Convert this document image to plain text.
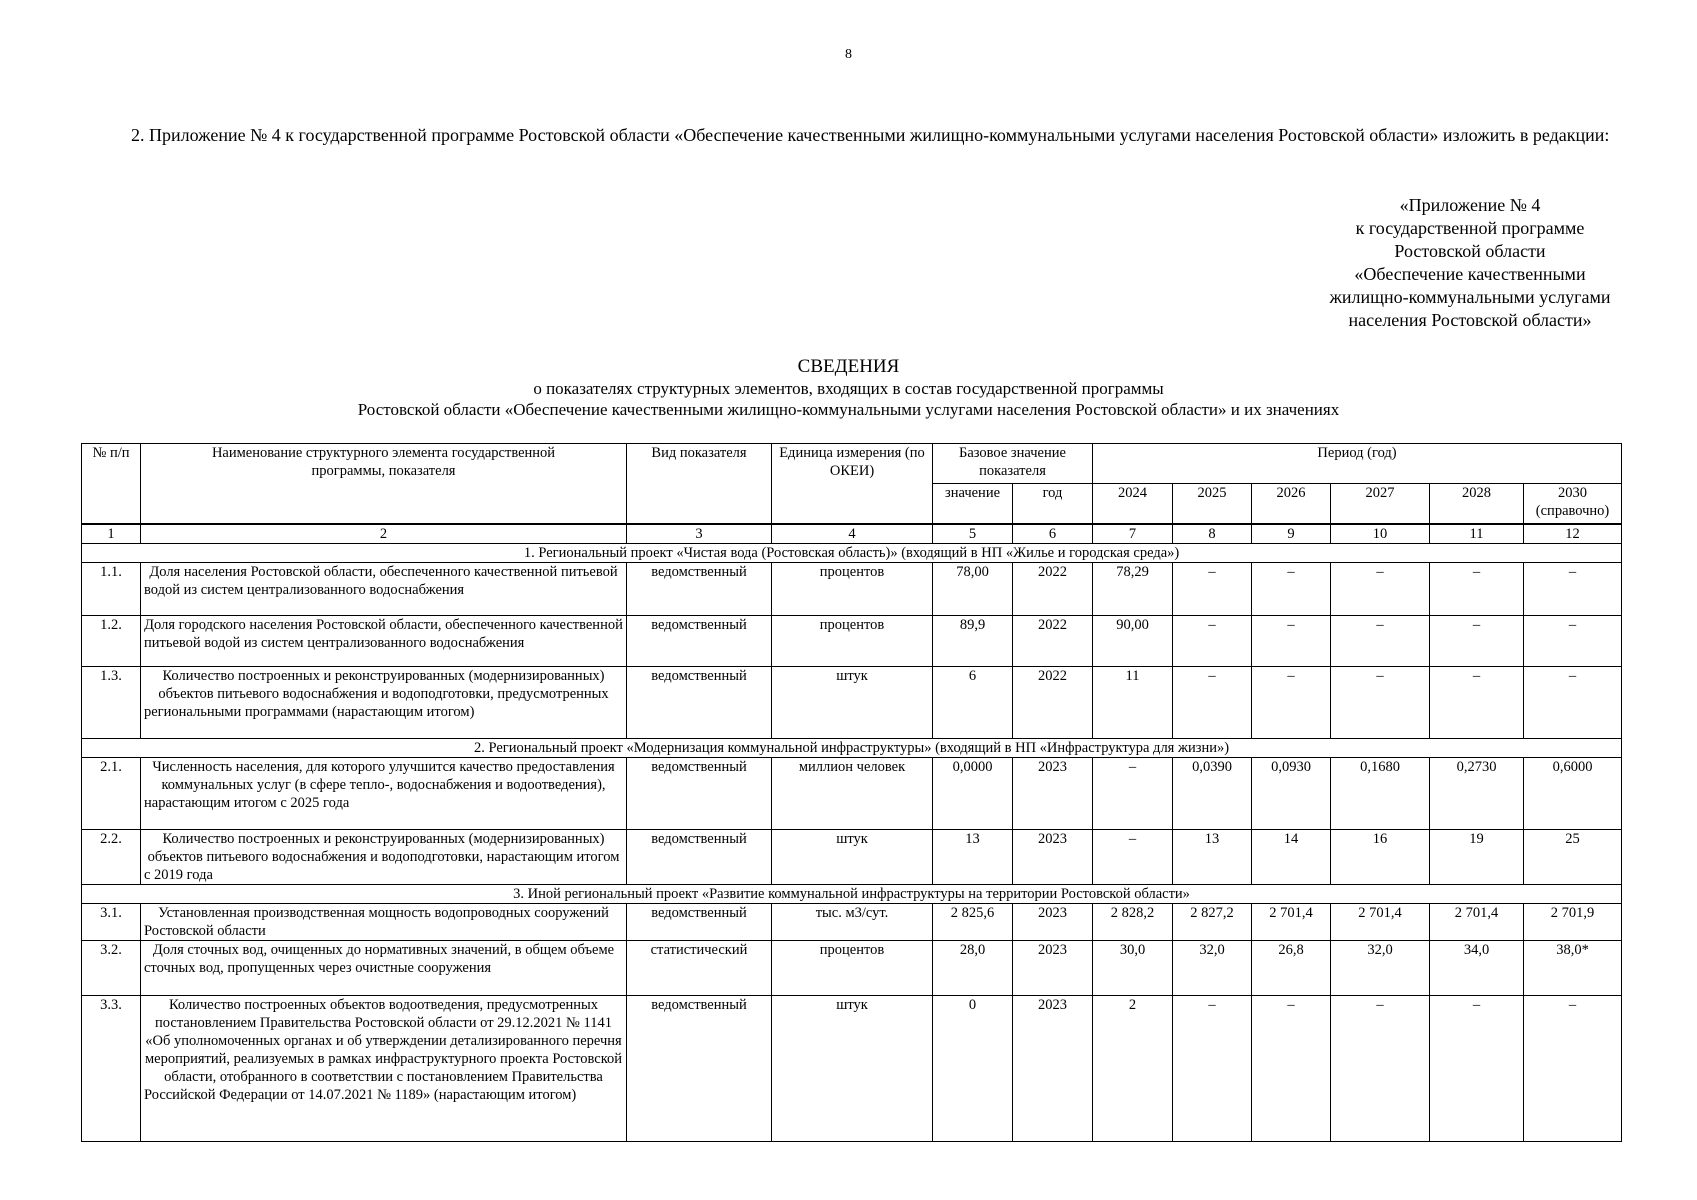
8
2. Приложение № 4 к государственной программе Ростовской области «Обеспечение качественными жилищно-коммунальными услугами населения Ростовской области» изложить в редакции:
«Приложение № 4
к государственной программе
Ростовской области
«Обеспечение качественными
жилищно-коммунальными услугами
населения Ростовской области»
СВЕДЕНИЯ
о показателях структурных элементов, входящих в состав государственной программы
Ростовской области «Обеспечение качественными жилищно-коммунальными услугами населения Ростовской области» и их значениях
№ п/п	Наименование структурного элемента государственной программы, показателя	Вид показателя	Единица измерения (по ОКЕИ)	Базовое значение показателя		Период (год)					
				значение	год	2024	2025	2026	2027	2028	2030 (справочно)
1	2	3	4	5	6	7	8	9	10	11	12
1. Региональный проект «Чистая вода (Ростовская область)» (входящий в НП «Жилье и городская среда»)											
1.1.	Доля населения Ростовской области, обеспеченного качественной питьевой водой из систем централизованного водоснабжения	ведомственный	процентов	78,00	2022	78,29	–	–	–	–	–
1.2.	Доля городского населения Ростовской области, обеспеченного качественной питьевой водой из систем централизованного водоснабжения	ведомственный	процентов	89,9	2022	90,00	–	–	–	–	–
1.3.	Количество построенных и реконструированных (модернизированных) объектов питьевого водоснабжения и водоподготовки, предусмотренных региональными программами (нарастающим итогом)	ведомственный	штук	6	2022	11	–	–	–	–	–
2. Региональный проект «Модернизация коммунальной инфраструктуры» (входящий в НП «Инфраструктура для жизни»)											
2.1.	Численность населения, для которого улучшится качество предоставления коммунальных услуг (в сфере тепло-, водоснабжения и водоотведения), нарастающим итогом с 2025 года	ведомственный	миллион человек	0,0000	2023	–	0,0390	0,0930	0,1680	0,2730	0,6000
2.2.	Количество построенных и реконструированных (модернизированных) объектов питьевого водоснабжения и водоподготовки, нарастающим итогом с 2019 года	ведомственный	штук	13	2023	–	13	14	16	19	25
3. Иной региональный проект «Развитие коммунальной инфраструктуры на территории Ростовской области»											
3.1.	Установленная производственная мощность водопроводных сооружений Ростовской области	ведомственный	тыс. м3/сут.	2 825,6	2023	2 828,2	2 827,2	2 701,4	2 701,4	2 701,4	2 701,9
3.2.	Доля сточных вод, очищенных до нормативных значений, в общем объеме сточных вод, пропущенных через очистные сооружения	статистический	процентов	28,0	2023	30,0	32,0	26,8	32,0	34,0	38,0*
3.3.	Количество построенных объектов водоотведения, предусмотренных постановлением Правительства Ростовской области от 29.12.2021 № 1141 «Об уполномоченных органах и об утверждении детализированного перечня мероприятий, реализуемых в рамках инфраструктурного проекта Ростовской области, отобранного в соответствии с постановлением Правительства Российской Федерации от 14.07.2021 № 1189» (нарастающим итогом)	ведомственный	штук	0	2023	2	–	–	–	–	–
